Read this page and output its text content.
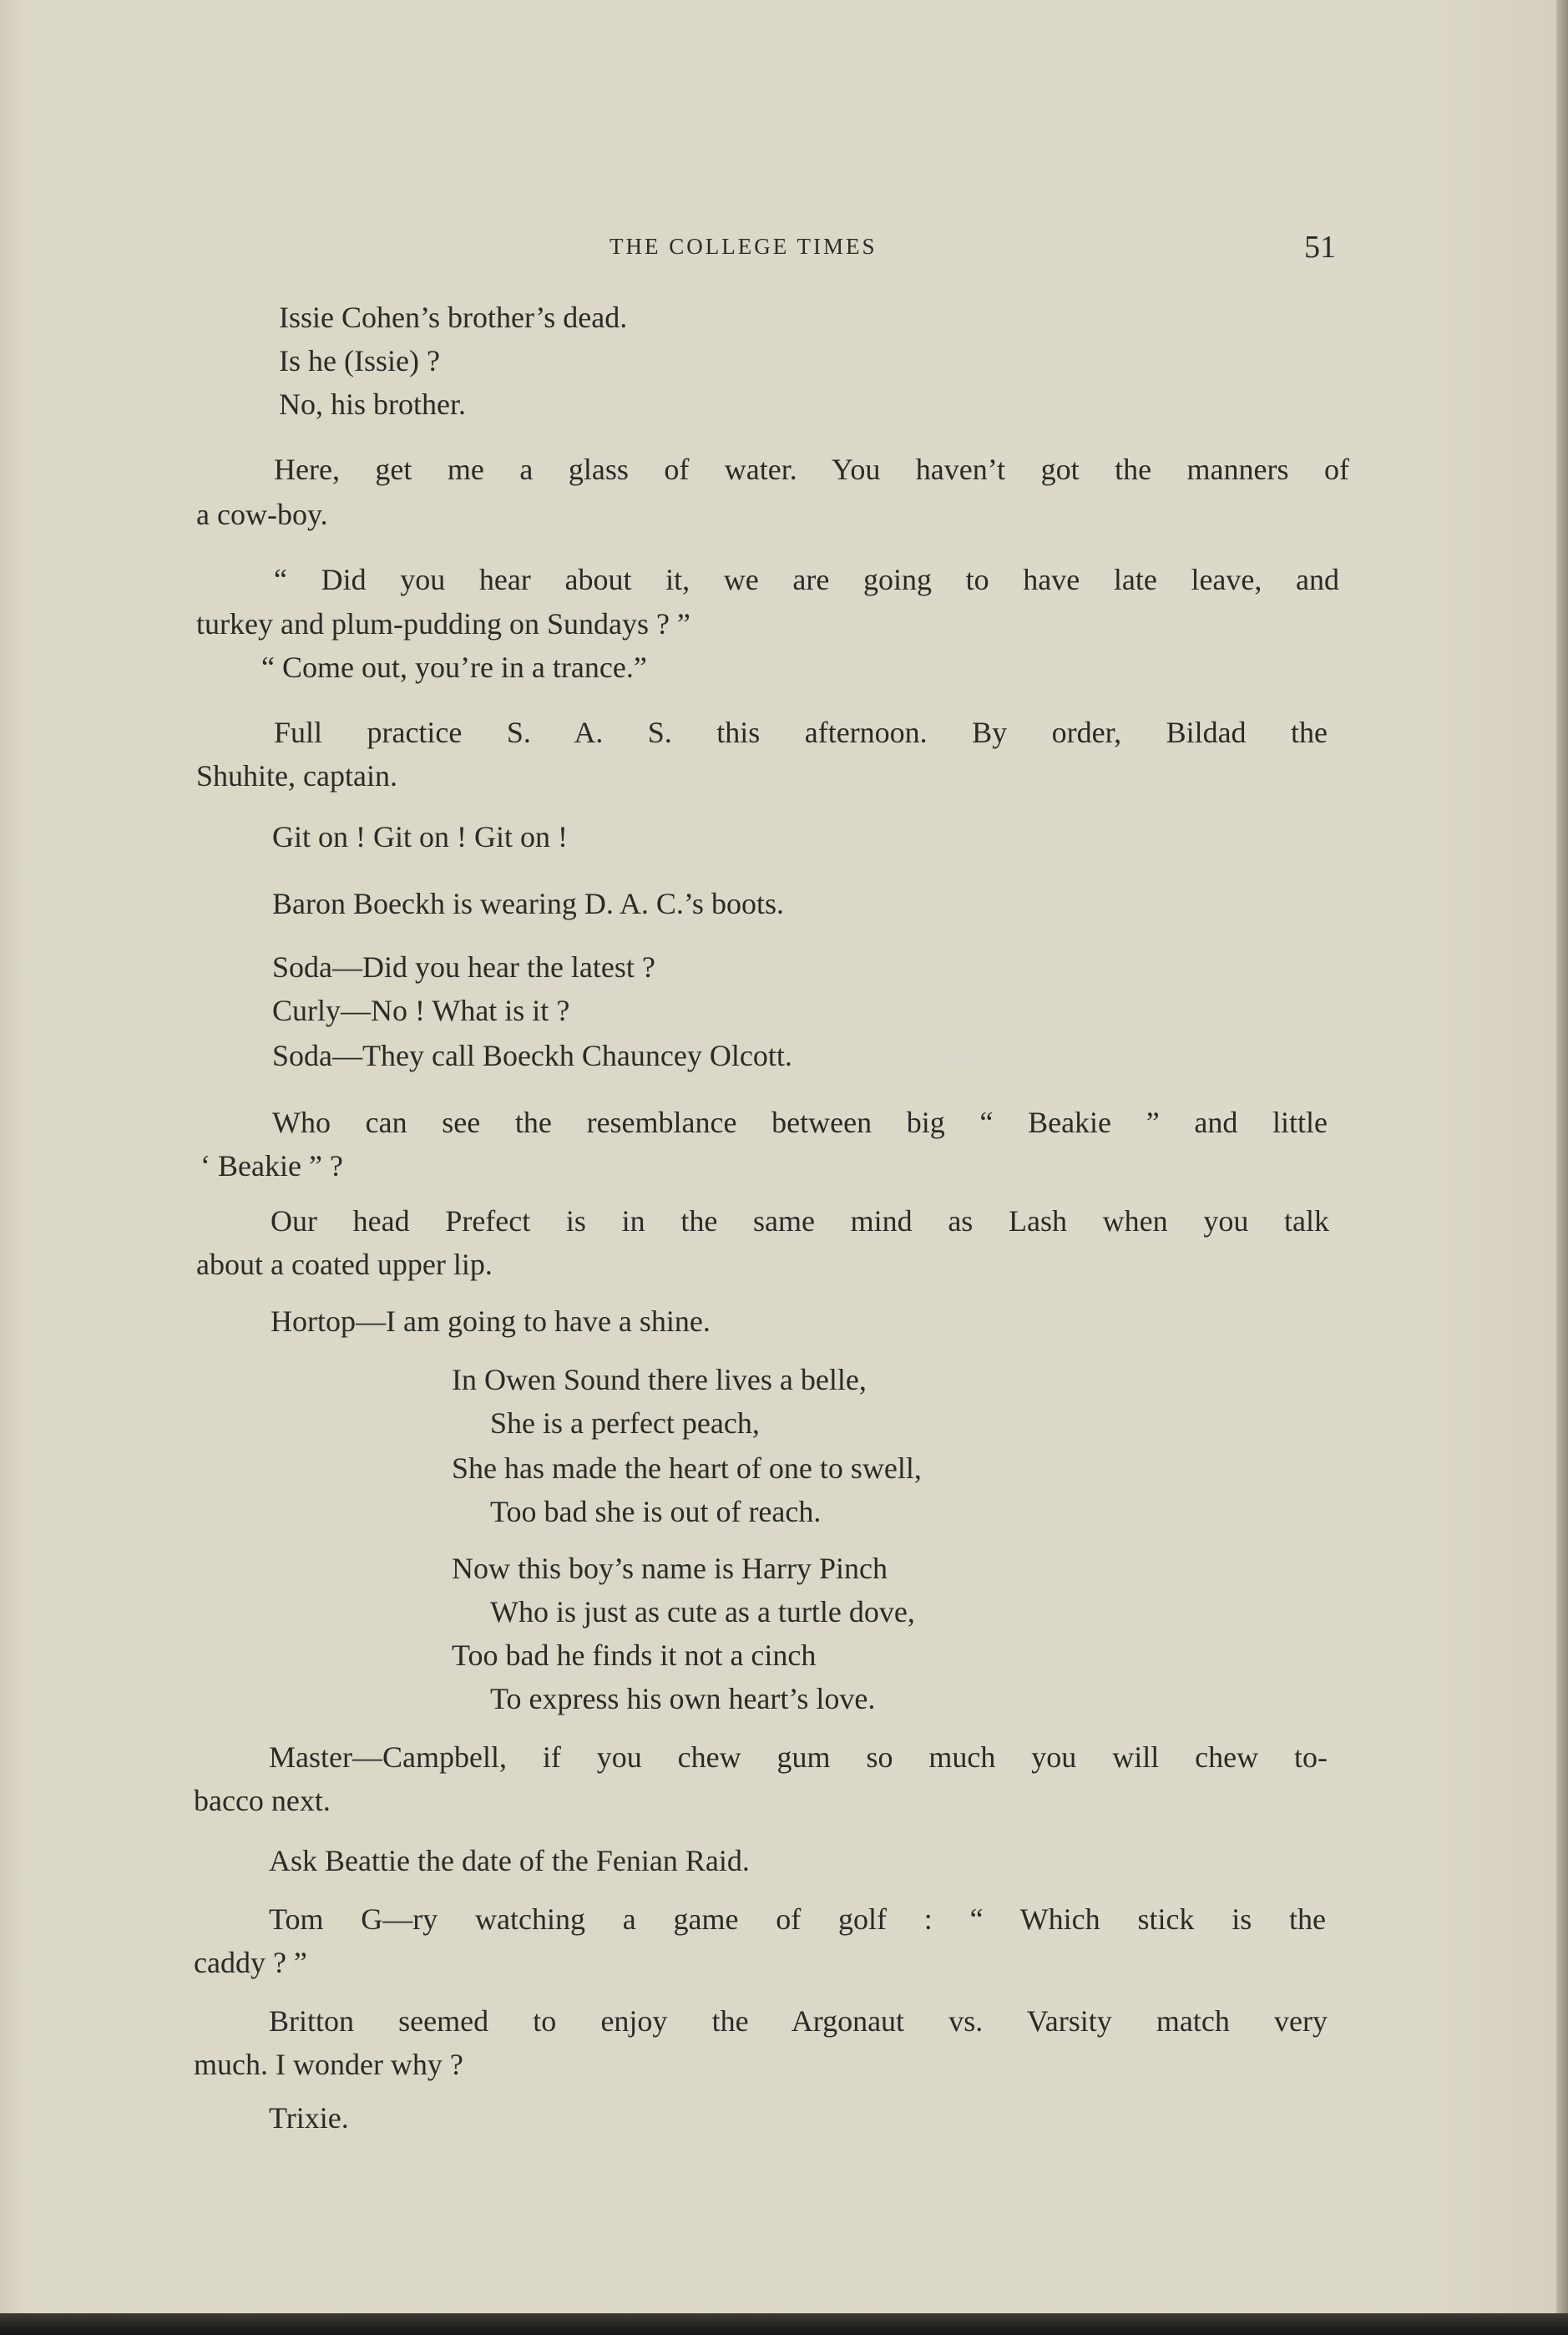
THE COLLEGE TIMES	51
Issie Cohen’s brother’s dead.
Is he (Issie) ?
No, his brother.
Here, get me a glass of water. You haven’t got the manners of
a cow-boy.
“ Did you hear about it, we are going to have late leave, and
turkey and plum-pudding on Sundays ? ”
“ Come out, you’re in a trance.”
Full practice S. A. S. this afternoon. By order, Bildad the
Shuhite, captain.
Git on ! Git on ! Git on !
Baron Boeckh is wearing D. A. C.’s boots.
Soda—Did you hear the latest ?
Curly—No ! What is it ?
Soda—They call Boeckh Chauncey Olcott.
Who can see the resemblance between big “ Beakie ” and little
‘ Beakie ” ?
Our head Prefect is in the same mind as Lash when you talk
about a coated upper lip.
Hortop—I am going to have a shine.
In Owen Sound there lives a belle,
She is a perfect peach,
She has made the heart of one to swell,
Too bad she is out of reach.
Now this boy’s name is Harry Pinch
Who is just as cute as a turtle dove,
Too bad he finds it not a cinch
To express his own heart’s love.
Master—Campbell, if you chew gum so much you will chew to-
bacco next.
Ask Beattie the date of the Fenian Raid.
Tom G—ry watching a game of golf : “ Which stick is the
caddy ? ”
Britton seemed to enjoy the Argonaut vs. Varsity match very
much. I wonder why ?
Trixie.
